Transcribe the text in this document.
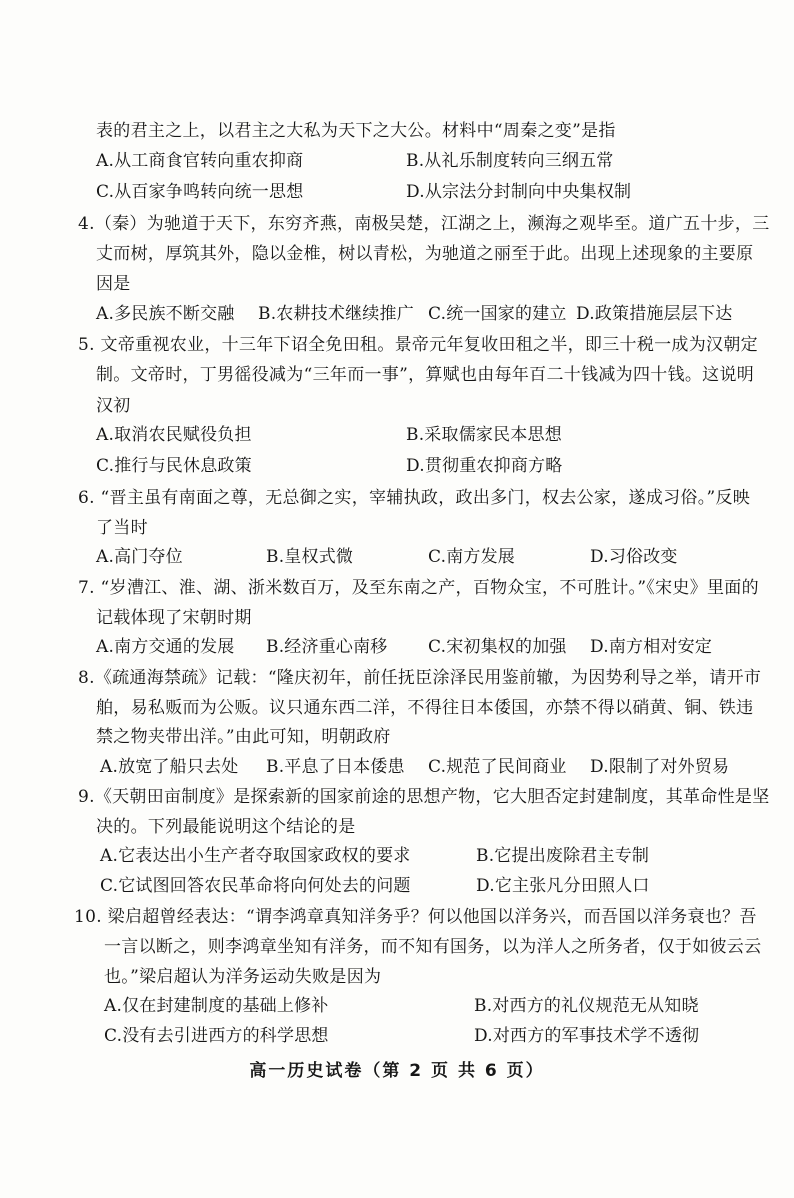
表的君主之上，以君主之大私为天下之大公。材料中“周秦之变”是指
A.从工商食官转向重农抑商	B.从礼乐制度转向三纲五常
C.从百家争鸣转向统一思想	D.从宗法分封制向中央集权制
4.（秦）为驰道于天下，东穷齐燕，南极吴楚，江湖之上，濒海之观毕至。道广五十步，三
丈而树，厚筑其外，隐以金椎，树以青松，为驰道之丽至于此。出现上述现象的主要原
因是
A.多民族不断交融 B.农耕技术继续推广 C.统一国家的建立 D.政策措施层层下达
5. 文帝重视农业，十三年下诏全免田租。景帝元年复收田租之半，即三十税一成为汉朝定
制。文帝时，丁男徭役减为“三年而一事”，算赋也由每年百二十钱减为四十钱。这说明
汉初
A.取消农民赋役负担	B.采取儒家民本思想
C.推行与民休息政策	D.贯彻重农抑商方略
6. “晋主虽有南面之尊，无总御之实，宰辅执政，政出多门，权去公家，遂成习俗。”反映
了当时
A.高门夺位	B.皇权式微	C.南方发展	D.习俗改变
7. “岁漕江、淮、湖、浙米数百万，及至东南之产，百物众宝，不可胜计。”《宋史》里面的
记载体现了宋朝时期
A.南方交通的发展 B.经济重心南移 C.宋初集权的加强 D.南方相对安定
8.《疏通海禁疏》记载：“隆庆初年，前任抚臣涂泽民用鉴前辙，为因势利导之举，请开市
舶，易私贩而为公贩。议只通东西二洋，不得往日本倭国，亦禁不得以硝黄、铜、铁违
禁之物夹带出洋。”由此可知，明朝政府
A.放宽了船只去处 B.平息了日本倭患 C.规范了民间商业 D.限制了对外贸易
9.《天朝田亩制度》是探索新的国家前途的思想产物，它大胆否定封建制度，其革命性是坚
决的。下列最能说明这个结论的是
A.它表达出小生产者夺取国家政权的要求	B.它提出废除君主专制
C.它试图回答农民革命将向何处去的问题	D.它主张凡分田照人口
10. 梁启超曾经表达：“谓李鸿章真知洋务乎？何以他国以洋务兴，而吾国以洋务衰也？吾
一言以断之，则李鸿章坐知有洋务，而不知有国务，以为洋人之所务者，仅于如彼云云
也。”梁启超认为洋务运动失败是因为
A.仅在封建制度的基础上修补	B.对西方的礼仪规范无从知晓
C.没有去引进西方的科学思想	D.对西方的军事技术学不透彻
高一历史试卷（第 2 页 共 6 页）
